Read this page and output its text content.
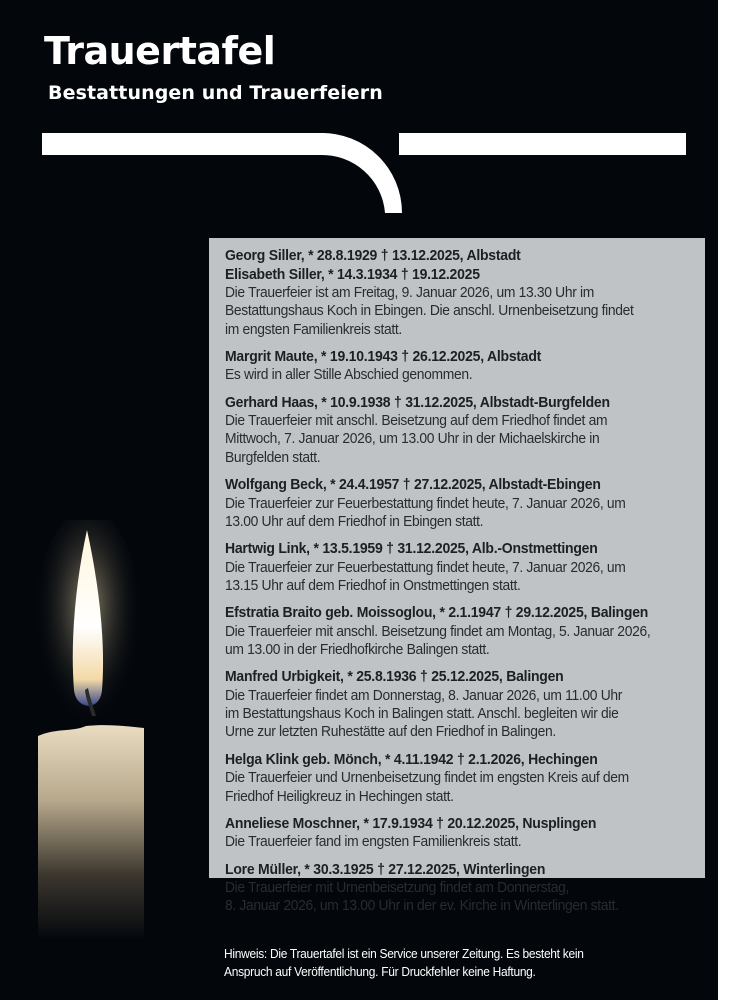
Trauertafel
Bestattungen und Trauerfeiern
Georg Siller, * 28.8.1929 † 13.12.2025, Albstadt
Elisabeth Siller, * 14.3.1934 † 19.12.2025
Die Trauerfeier ist am Freitag, 9. Januar 2026, um 13.30 Uhr im
Bestattungshaus Koch in Ebingen. Die anschl. Urnenbeisetzung findet
im engsten Familienkreis statt.
Margrit Maute, * 19.10.1943 † 26.12.2025, Albstadt
Es wird in aller Stille Abschied genommen.
Gerhard Haas, * 10.9.1938 † 31.12.2025, Albstadt-Burgfelden
Die Trauerfeier mit anschl. Beisetzung auf dem Friedhof findet am
Mittwoch, 7. Januar 2026, um 13.00 Uhr in der Michaelskirche in
Burgfelden statt.
Wolfgang Beck, * 24.4.1957 † 27.12.2025, Albstadt-Ebingen
Die Trauerfeier zur Feuerbestattung findet heute, 7. Januar 2026, um
13.00 Uhr auf dem Friedhof in Ebingen statt.
Hartwig Link, * 13.5.1959 † 31.12.2025, Alb.-Onstmettingen
Die Trauerfeier zur Feuerbestattung findet heute, 7. Januar 2026, um
13.15 Uhr auf dem Friedhof in Onstmettingen statt.
Efstratia Braito geb. Moissoglou, * 2.1.1947 † 29.12.2025, Balingen
Die Trauerfeier mit anschl. Beisetzung findet am Montag, 5. Januar 2026,
um 13.00 in der Friedhofkirche Balingen statt.
Manfred Urbigkeit, * 25.8.1936 † 25.12.2025, Balingen
Die Trauerfeier findet am Donnerstag, 8. Januar 2026, um 11.00 Uhr
im Bestattungshaus Koch in Balingen statt. Anschl. begleiten wir die
Urne zur letzten Ruhestätte auf den Friedhof in Balingen.
Helga Klink geb. Mönch, * 4.11.1942 † 2.1.2026, Hechingen
Die Trauerfeier und Urnenbeisetzung findet im engsten Kreis auf dem
Friedhof Heiligkreuz in Hechingen statt.
Anneliese Moschner, * 17.9.1934 † 20.12.2025, Nusplingen
Die Trauerfeier fand im engsten Familienkreis statt.
Lore Müller, * 30.3.1925 † 27.12.2025, Winterlingen
Die Trauerfeier mit Urnenbeisetzung findet am Donnerstag,
8. Januar 2026, um 13.00 Uhr in der ev. Kirche in Winterlingen statt.
Hinweis: Die Trauertafel ist ein Service unserer Zeitung. Es besteht kein
Anspruch auf Veröffentlichung. Für Druckfehler keine Haftung.
